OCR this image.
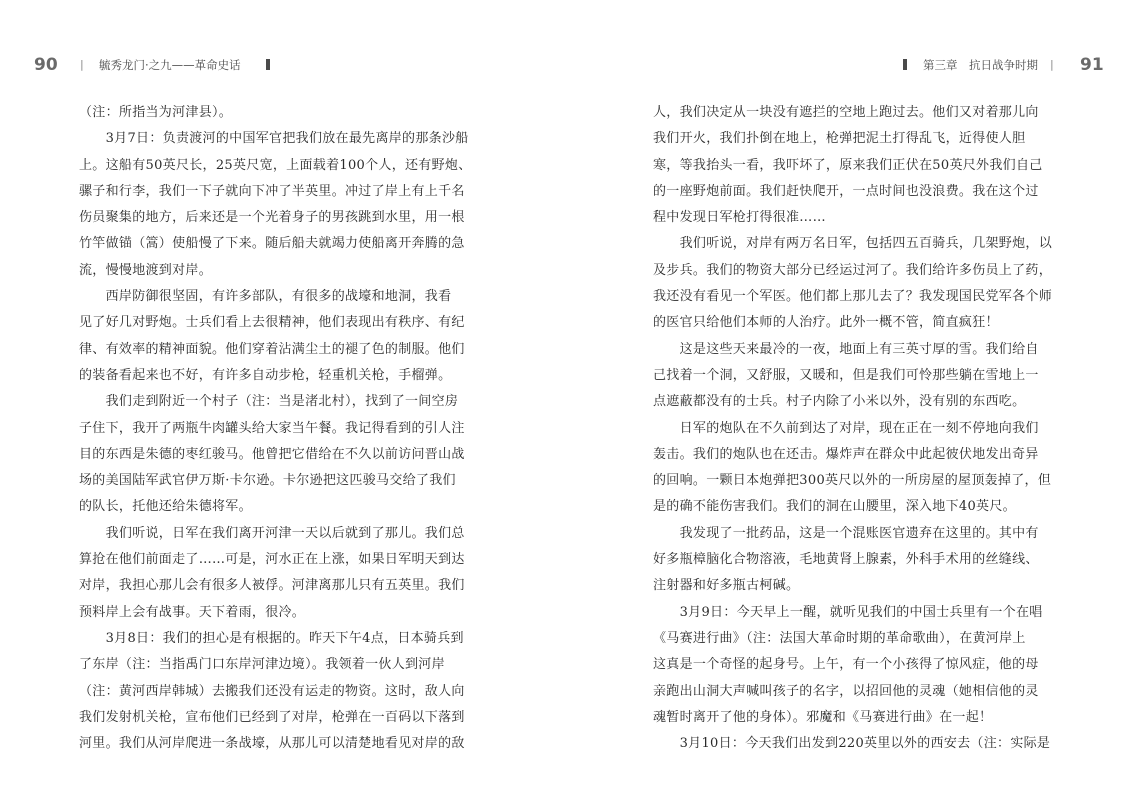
90 | 毓秀龙门·之九——革命史话	第三章　抗日战争时期 | 91

（注：所指当为河津县）。

　　3月7日：负责渡河的中国军官把我们放在最先离岸的那条沙船

上。这船有50英尺长，25英尺宽，上面载着100个人，还有野炮、

骡子和行李，我们一下子就向下冲了半英里。冲过了岸上有上千名

伤员聚集的地方，后来还是一个光着身子的男孩跳到水里，用一根

竹竿做锚（篙）使船慢了下来。随后船夫就竭力使船离开奔腾的急

流，慢慢地渡到对岸。

　　西岸防御很坚固，有许多部队，有很多的战壕和地洞，我看

见了好几对野炮。士兵们看上去很精神，他们表现出有秩序、有纪

律、有效率的精神面貌。他们穿着沾满尘土的褪了色的制服。他们

的装备看起来也不好，有许多自动步枪，轻重机关枪，手榴弹。

　　我们走到附近一个村子（注：当是渚北村），找到了一间空房

子住下，我开了两瓶牛肉罐头给大家当午餐。我记得看到的引人注

目的东西是朱德的枣红骏马。他曾把它借给在不久以前访问晋山战

场的美国陆军武官伊万斯·卡尔逊。卡尔逊把这匹骏马交给了我们

的队长，托他还给朱德将军。

　　我们听说，日军在我们离开河津一天以后就到了那儿。我们总

算抢在他们前面走了……可是，河水正在上涨，如果日军明天到达

对岸，我担心那儿会有很多人被俘。河津离那儿只有五英里。我们

预料岸上会有战事。天下着雨，很冷。

　　3月8日：我们的担心是有根据的。昨天下午4点，日本骑兵到

了东岸（注：当指禹门口东岸河津边境）。我领着一伙人到河岸

（注：黄河西岸韩城）去搬我们还没有运走的物资。这时，敌人向

我们发射机关枪，宣布他们已经到了对岸，枪弹在一百码以下落到

河里。我们从河岸爬进一条战壕，从那儿可以清楚地看见对岸的敌

人，我们决定从一块没有遮拦的空地上跑过去。他们又对着那儿向

我们开火，我们扑倒在地上，枪弹把泥土打得乱飞，近得使人胆

寒，等我抬头一看，我吓坏了，原来我们正伏在50英尺外我们自己

的一座野炮前面。我们赶快爬开，一点时间也没浪费。我在这个过

程中发现日军枪打得很准……

　　我们听说，对岸有两万名日军，包括四五百骑兵，几架野炮，以

及步兵。我们的物资大部分已经运过河了。我们给许多伤员上了药，

我还没有看见一个军医。他们都上那儿去了？我发现国民党军各个师

的医官只给他们本师的人治疗。此外一概不管，简直疯狂！

　　这是这些天来最冷的一夜，地面上有三英寸厚的雪。我们给自

己找着一个洞，又舒服，又暖和，但是我们可怜那些躺在雪地上一

点遮蔽都没有的士兵。村子内除了小米以外，没有别的东西吃。

　　日军的炮队在不久前到达了对岸，现在正在一刻不停地向我们

轰击。我们的炮队也在还击。爆炸声在群众中此起彼伏地发出奇异

的回响。一颗日本炮弹把300英尺以外的一所房屋的屋顶轰掉了，但

是的确不能伤害我们。我们的洞在山腰里，深入地下40英尺。

　　我发现了一批药品，这是一个混账医官遗弃在这里的。其中有

好多瓶樟脑化合物溶液，毛地黄肾上腺素，外科手术用的丝缝线、

注射器和好多瓶古柯碱。

　　3月9日：今天早上一醒，就听见我们的中国士兵里有一个在唱

《马赛进行曲》（注：法国大革命时期的革命歌曲），在黄河岸上

这真是一个奇怪的起身号。上午，有一个小孩得了惊风症，他的母

亲跑出山洞大声喊叫孩子的名字，以招回他的灵魂（她相信他的灵

魂暂时离开了他的身体）。邪魔和《马赛进行曲》在一起！

　　3月10日：今天我们出发到220英里以外的西安去（注：实际是
